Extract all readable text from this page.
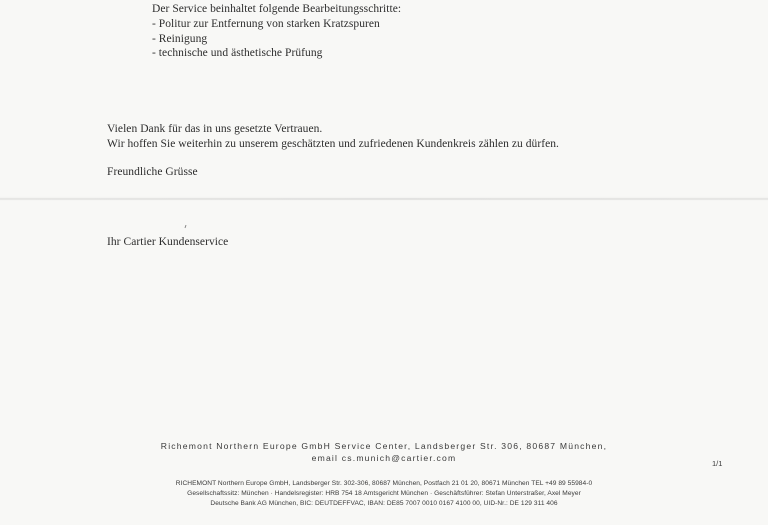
Der Service beinhaltet folgende Bearbeitungsschritte:
- Politur zur Entfernung von starken Kratzspuren
- Reinigung
- technische und ästhetische Prüfung
Vielen Dank für das in uns gesetzte Vertrauen.
Wir hoffen Sie weiterhin zu unserem geschätzten und zufriedenen Kundenkreis zählen zu dürfen.
Freundliche Grüsse
Ihr Cartier Kundenservice
Richemont Northern Europe GmbH Service Center, Landsberger Str. 306, 80687 München,
email cs.munich@cartier.com
1/1
RICHEMONT Northern Europe GmbH, Landsberger Str. 302-306, 80687 München, Postfach 21 01 20, 80671 München TEL +49 89 55984-0
Gesellschaftssitz: München · Handelsregister: HRB 754 18 Amtsgericht München · Geschäftsführer: Stefan Unterstraßer, Axel Meyer
Deutsche Bank AG München, BIC: DEUTDEFFVAC, IBAN: DE85 7007 0010 0167 4100 00, UID-Nr.: DE 129 311 406
